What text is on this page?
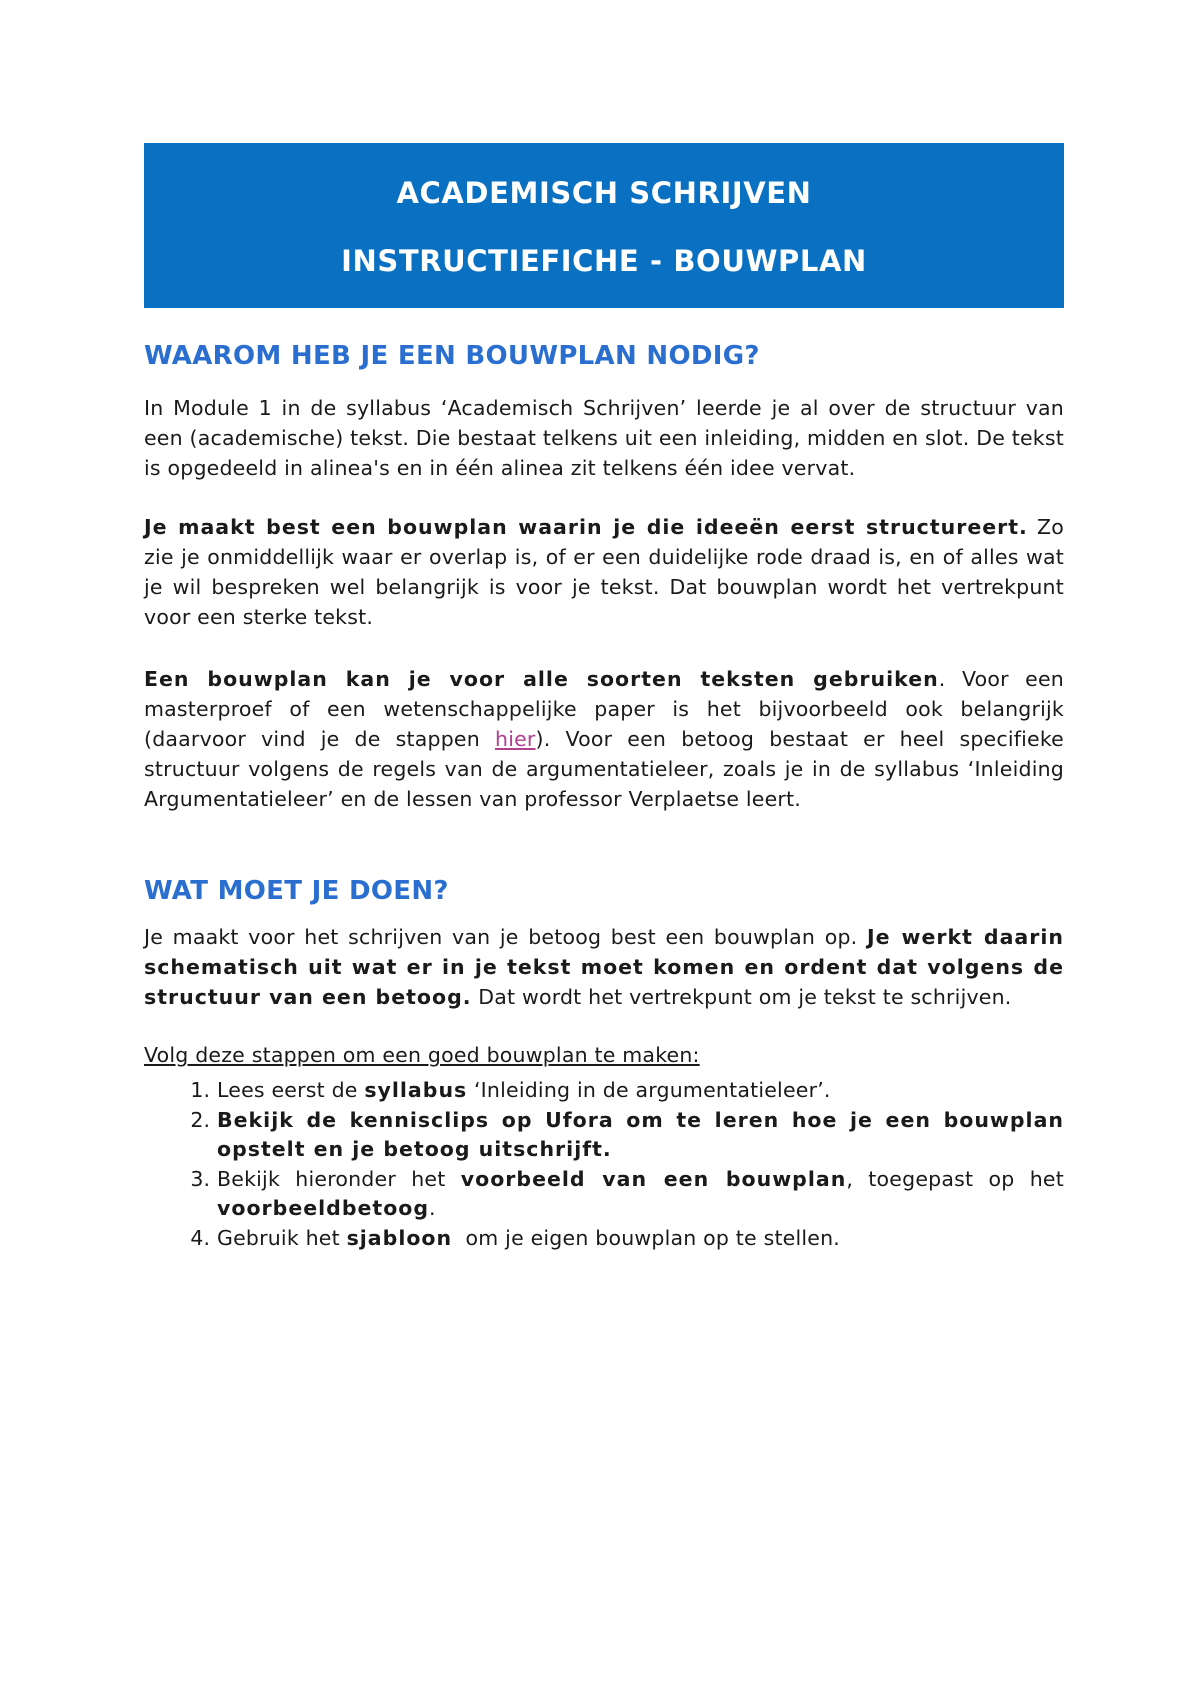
ACADEMISCH SCHRIJVEN
INSTRUCTIEFICHE - BOUWPLAN
WAAROM HEB JE EEN BOUWPLAN NODIG?

In Module 1 in de syllabus ‘Academisch Schrijven’ leerde je al over de structuur van een (academische) tekst. Die bestaat telkens uit een inleiding, midden en slot. De tekst is opgedeeld in alinea's en in één alinea zit telkens één idee vervat.

Je maakt best een bouwplan waarin je die ideeën eerst structureert. Zo zie je onmiddellijk waar er overlap is, of er een duidelijke rode draad is, en of alles wat je wil bespreken wel belangrijk is voor je tekst. Dat bouwplan wordt het vertrekpunt voor een sterke tekst.

Een bouwplan kan je voor alle soorten teksten gebruiken. Voor een masterproef of een wetenschappelijke paper is het bijvoorbeeld ook belangrijk (daarvoor vind je de stappen hier). Voor een betoog bestaat er heel specifieke structuur volgens de regels van de argumentatieleer, zoals je in de syllabus ‘Inleiding Argumentatieleer’ en de lessen van professor Verplaetse leert.

WAT MOET JE DOEN?

Je maakt voor het schrijven van je betoog best een bouwplan op. Je werkt daarin schematisch uit wat er in je tekst moet komen en ordent dat volgens de structuur van een betoog. Dat wordt het vertrekpunt om je tekst te schrijven.

Volg deze stappen om een goed bouwplan te maken:

1. Lees eerst de syllabus ‘Inleiding in de argumentatieleer’.
2. Bekijk de kennisclips op Ufora om te leren hoe je een bouwplan opstelt en je betoog uitschrijft.
3. Bekijk hieronder het voorbeeld van een bouwplan, toegepast op het voorbeeldbetoog.
4. Gebruik het sjabloon  om je eigen bouwplan op te stellen.
